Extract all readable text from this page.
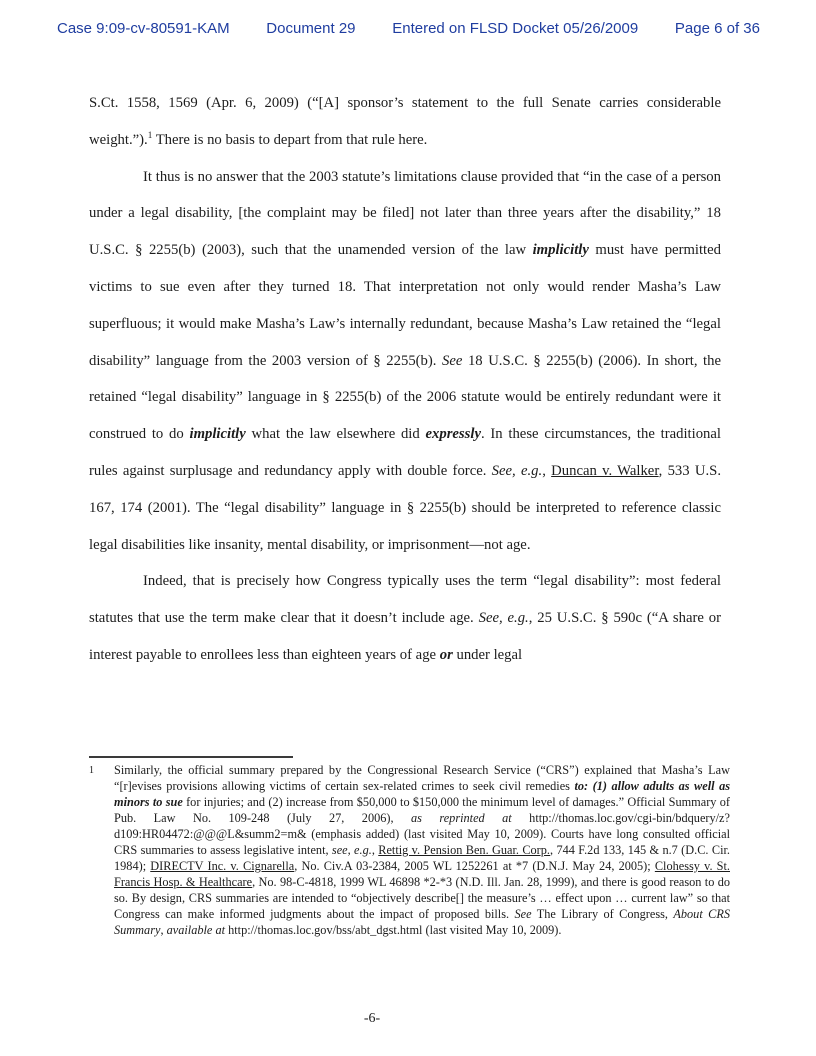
Case 9:09-cv-80591-KAM Document 29 Entered on FLSD Docket 05/26/2009 Page 6 of 36

S.Ct. 1558, 1569 (Apr. 6, 2009) (“[A] sponsor’s statement to the full Senate carries considerable weight.”).$^1$ There is no basis to depart from that rule here.

It thus is no answer that the 2003 statute’s limitations clause provided that “in the case of a person under a legal disability, [the complaint may be filed] not later than three years after the disability,” 18 U.S.C. § 2255(b) (2003), such that the unamended version of the law implicitly must have permitted victims to sue even after they turned 18. That interpretation not only would render Masha’s Law superfluous; it would make Masha’s Law’s internally redundant, because Masha’s Law retained the “legal disability” language from the 2003 version of § 2255(b). See 18 U.S.C. § 2255(b) (2006). In short, the retained “legal disability” language in § 2255(b) of the 2006 statute would be entirely redundant were it construed to do implicitly what the law elsewhere did expressly. In these circumstances, the traditional rules against surplusage and redundancy apply with double force. See, e.g., Duncan v. Walker, 533 U.S. 167, 174 (2001). The “legal disability” language in § 2255(b) should be interpreted to reference classic legal disabilities like insanity, mental disability, or imprisonment—not age.

Indeed, that is precisely how Congress typically uses the term “legal disability”: most federal statutes that use the term make clear that it doesn’t include age. See, e.g., 25 U.S.C. § 590c (“A share or interest payable to enrollees less than eighteen years of age or under legal

1	Similarly, the official summary prepared by the Congressional Research Service (“CRS”) explained that Masha’s Law “[r]evises provisions allowing victims of certain sex-related crimes to seek civil remedies to: (1) allow adults as well as minors to sue for injuries; and (2) increase from $50,000 to $150,000 the minimum level of damages.” Official Summary of Pub. Law No. 109-248 (July 27, 2006), as reprinted at http://thomas.loc.gov/cgi-bin/bdquery/z?d109:HR04472:@@@L&summ2=m& (emphasis added) (last visited May 10, 2009). Courts have long consulted official CRS summaries to assess legislative intent, see, e.g., Rettig v. Pension Ben. Guar. Corp., 744 F.2d 133, 145 & n.7 (D.C. Cir. 1984); DIRECTV Inc. v. Cignarella, No. Civ.A 03-2384, 2005 WL 1252261 at *7 (D.N.J. May 24, 2005); Clohessy v. St. Francis Hosp. & Healthcare, No. 98-C-4818, 1999 WL 46898 *2-*3 (N.D. Ill. Jan. 28, 1999), and there is good reason to do so. By design, CRS summaries are intended to “objectively describe[] the measure’s … effect upon … current law” so that Congress can make informed judgments about the impact of proposed bills. See The Library of Congress, About CRS Summary, available at http://thomas.loc.gov/bss/abt_dgst.html (last visited May 10, 2009).
-6-
